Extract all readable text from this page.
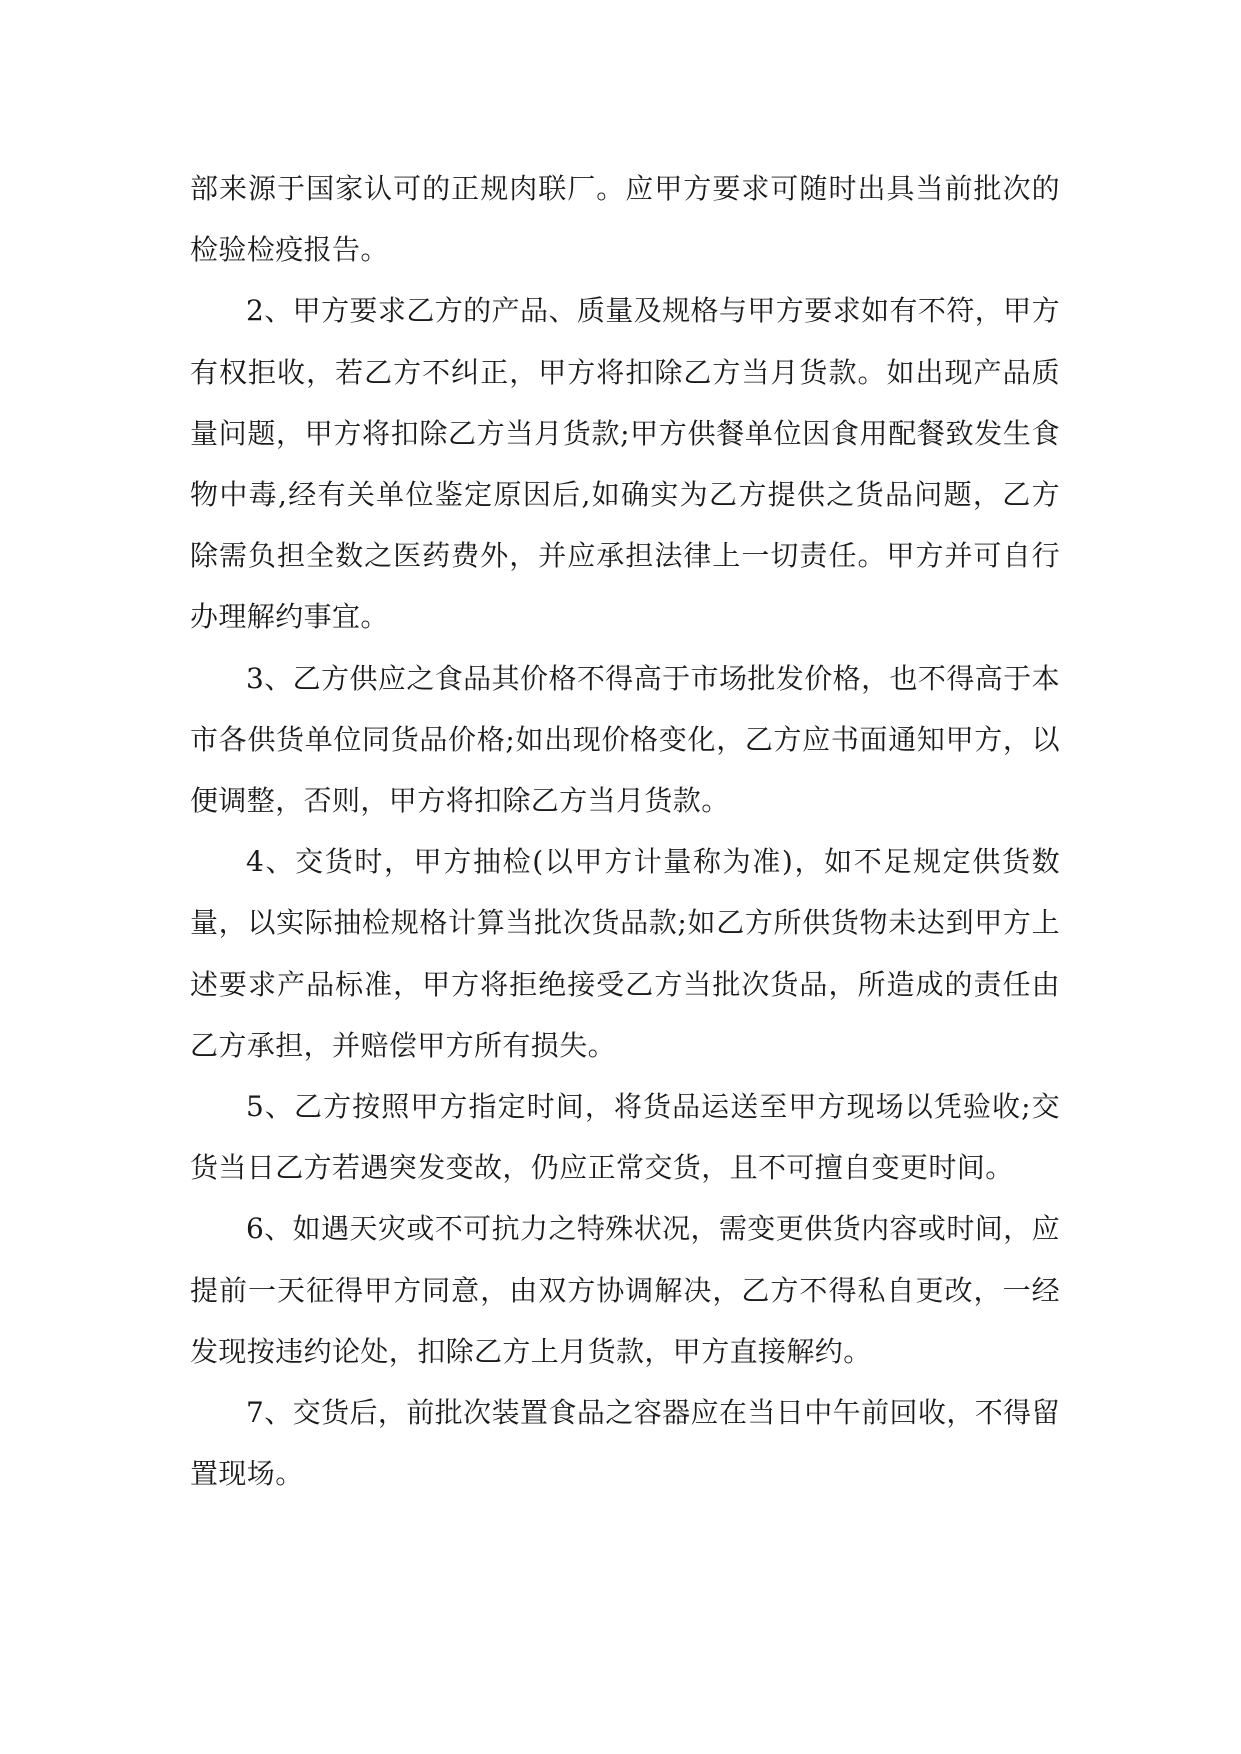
部来源于国家认可的正规肉联厂。应甲方要求可随时出具当前批次的检验检疫报告。

2、甲方要求乙方的产品、质量及规格与甲方要求如有不符，甲方有权拒收，若乙方不纠正，甲方将扣除乙方当月货款。如出现产品质量问题，甲方将扣除乙方当月货款;甲方供餐单位因食用配餐致发生食物中毒,经有关单位鉴定原因后,如确实为乙方提供之货品问题，乙方除需负担全数之医药费外，并应承担法律上一切责任。甲方并可自行办理解约事宜。

3、乙方供应之食品其价格不得高于市场批发价格，也不得高于本市各供货单位同货品价格;如出现价格变化，乙方应书面通知甲方，以便调整，否则，甲方将扣除乙方当月货款。

4、交货时，甲方抽检(以甲方计量称为准)，如不足规定供货数量，以实际抽检规格计算当批次货品款;如乙方所供货物未达到甲方上述要求产品标准，甲方将拒绝接受乙方当批次货品，所造成的责任由乙方承担，并赔偿甲方所有损失。

5、乙方按照甲方指定时间，将货品运送至甲方现场以凭验收;交货当日乙方若遇突发变故，仍应正常交货，且不可擅自变更时间。

6、如遇天灾或不可抗力之特殊状况，需变更供货内容或时间，应提前一天征得甲方同意，由双方协调解决，乙方不得私自更改，一经发现按违约论处，扣除乙方上月货款，甲方直接解约。

7、交货后，前批次装置食品之容器应在当日中午前回收，不得留置现场。
